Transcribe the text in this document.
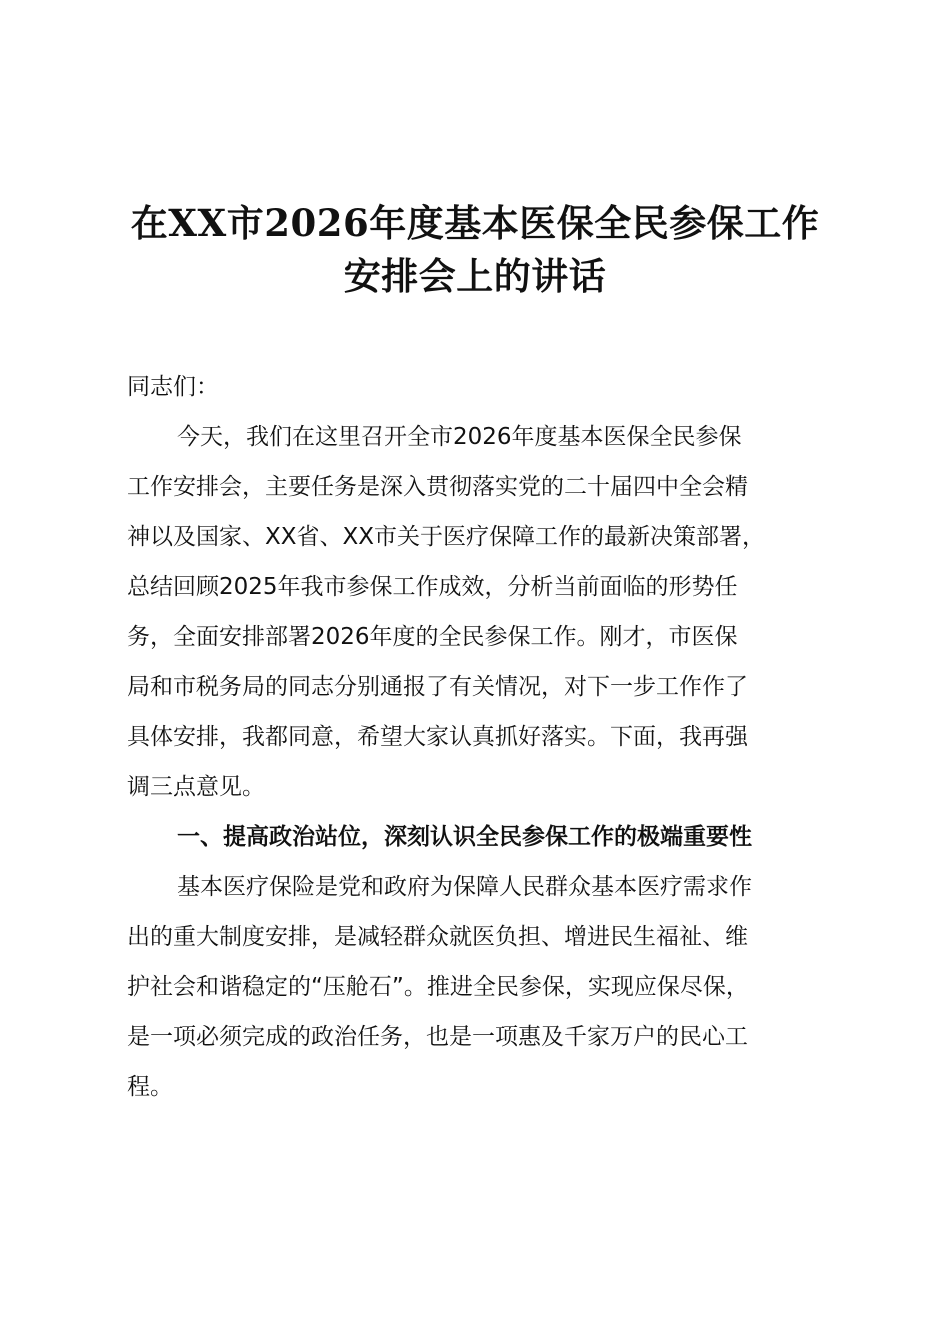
在XX市2026年度基本医保全民参保工作
安排会上的讲话

同志们：

今天，我们在这里召开全市2026年度基本医保全民参保
工作安排会，主要任务是深入贯彻落实党的二十届四中全会精
神以及国家、XX省、XX市关于医疗保障工作的最新决策部署，
总结回顾2025年我市参保工作成效，分析当前面临的形势任
务，全面安排部署2026年度的全民参保工作。刚才，市医保
局和市税务局的同志分别通报了有关情况，对下一步工作作了
具体安排，我都同意，希望大家认真抓好落实。下面，我再强
调三点意见。

一、提高政治站位，深刻认识全民参保工作的极端重要性

基本医疗保险是党和政府为保障人民群众基本医疗需求作
出的重大制度安排，是减轻群众就医负担、增进民生福祉、维
护社会和谐稳定的“压舱石”。推进全民参保，实现应保尽保，
是一项必须完成的政治任务，也是一项惠及千家万户的民心工
程。
